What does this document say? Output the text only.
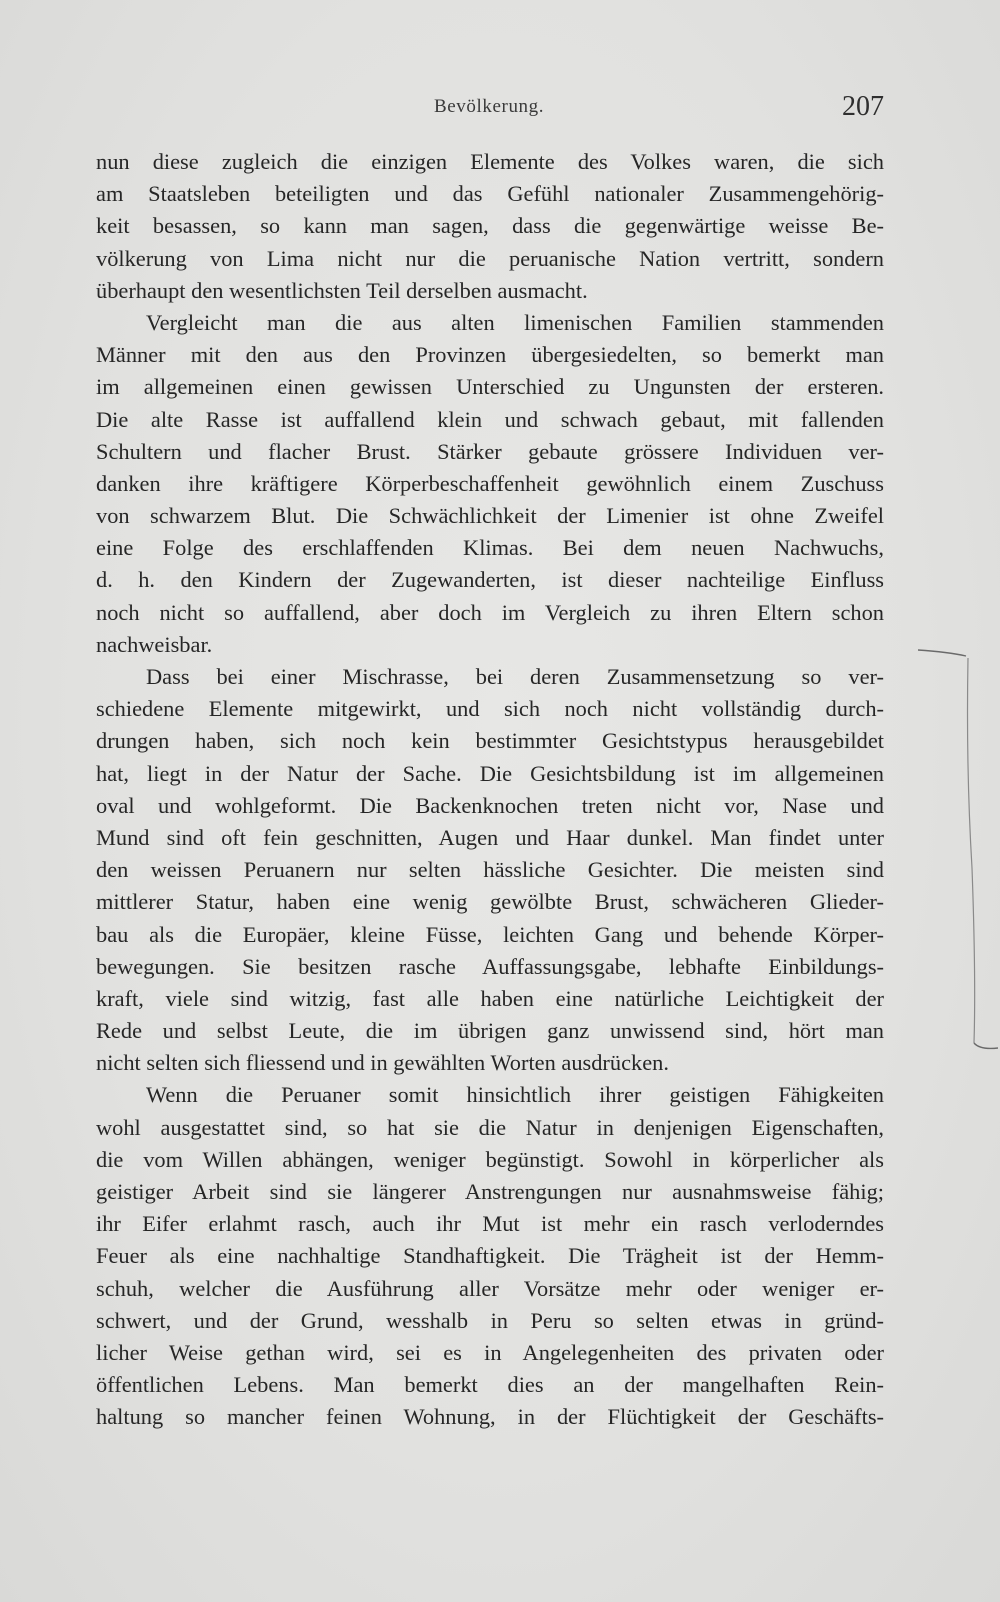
Bevölkerung.	207
nun diese zugleich die einzigen Elemente des Volkes waren, die sich
am Staatsleben beteiligten und das Gefühl nationaler Zusammengehörig-
keit besassen, so kann man sagen, dass die gegenwärtige weisse Be-
völkerung von Lima nicht nur die peruanische Nation vertritt, sondern
überhaupt den wesentlichsten Teil derselben ausmacht.
Vergleicht man die aus alten limenischen Familien stammenden
Männer mit den aus den Provinzen übergesiedelten, so bemerkt man
im allgemeinen einen gewissen Unterschied zu Ungunsten der ersteren.
Die alte Rasse ist auffallend klein und schwach gebaut, mit fallenden
Schultern und flacher Brust. Stärker gebaute grössere Individuen ver-
danken ihre kräftigere Körperbeschaffenheit gewöhnlich einem Zuschuss
von schwarzem Blut. Die Schwächlichkeit der Limenier ist ohne Zweifel
eine Folge des erschlaffenden Klimas. Bei dem neuen Nachwuchs,
d. h. den Kindern der Zugewanderten, ist dieser nachteilige Einfluss
noch nicht so auffallend, aber doch im Vergleich zu ihren Eltern schon
nachweisbar.
Dass bei einer Mischrasse, bei deren Zusammensetzung so ver-
schiedene Elemente mitgewirkt, und sich noch nicht vollständig durch-
drungen haben, sich noch kein bestimmter Gesichtstypus herausgebildet
hat, liegt in der Natur der Sache. Die Gesichtsbildung ist im allgemeinen
oval und wohlgeformt. Die Backenknochen treten nicht vor, Nase und
Mund sind oft fein geschnitten, Augen und Haar dunkel. Man findet unter
den weissen Peruanern nur selten hässliche Gesichter. Die meisten sind
mittlerer Statur, haben eine wenig gewölbte Brust, schwächeren Glieder-
bau als die Europäer, kleine Füsse, leichten Gang und behende Körper-
bewegungen. Sie besitzen rasche Auffassungsgabe, lebhafte Einbildungs-
kraft, viele sind witzig, fast alle haben eine natürliche Leichtigkeit der
Rede und selbst Leute, die im übrigen ganz unwissend sind, hört man
nicht selten sich fliessend und in gewählten Worten ausdrücken.
Wenn die Peruaner somit hinsichtlich ihrer geistigen Fähigkeiten
wohl ausgestattet sind, so hat sie die Natur in denjenigen Eigenschaften,
die vom Willen abhängen, weniger begünstigt. Sowohl in körperlicher als
geistiger Arbeit sind sie längerer Anstrengungen nur ausnahmsweise fähig;
ihr Eifer erlahmt rasch, auch ihr Mut ist mehr ein rasch verloderndes
Feuer als eine nachhaltige Standhaftigkeit. Die Trägheit ist der Hemm-
schuh, welcher die Ausführung aller Vorsätze mehr oder weniger er-
schwert, und der Grund, wesshalb in Peru so selten etwas in gründ-
licher Weise gethan wird, sei es in Angelegenheiten des privaten oder
öffentlichen Lebens. Man bemerkt dies an der mangelhaften Rein-
haltung so mancher feinen Wohnung, in der Flüchtigkeit der Geschäfts-
